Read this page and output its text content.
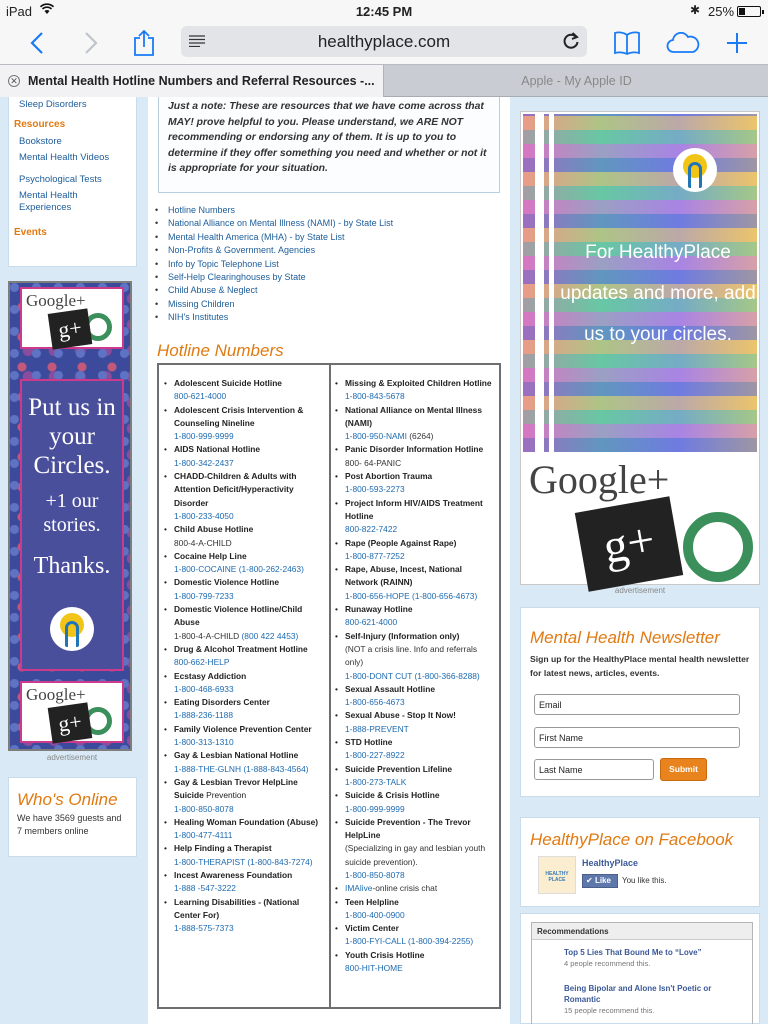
iPad	12:45 PM	✱ 25%
healthyplace.com
✕ Mental Health Hotline Numbers and Referral Resources -...	Apple - My Apple ID
Sleep Disorders
Resources
Bookstore
Mental Health Videos
Psychological Tests
Mental Health Experiences
Events
Google+
g+
Put us in your Circles.
+1 our stories.
Thanks.
Google+
g+
advertisement
Who's Online
We have 3569 guests and 7 members online
Just a note: These are resources that we have come across that MAY! prove helpful to you. Please understand, we ARE NOT recommending or endorsing any of them. It is up to you to determine if they offer something you need and whether or not it is appropriate for your situation.
• Hotline Numbers
• National Alliance on Mental Illness (NAMI) - by State List
• Mental Health America (MHA) - by State List
• Non-Profits & Government. Agencies
• Info by Topic Telephone List
• Self-Help Clearinghouses by State
• Child Abuse & Neglect
• Missing Children
• NIH's Institutes
Hotline Numbers
• Adolescent Suicide Hotline
800-621-4000
• Adolescent Crisis Intervention & Counseling Nineline
1-800-999-9999
• AIDS National Hotline
1-800-342-2437
• CHADD-Children & Adults with Attention Deficit/Hyperactivity Disorder
1-800-233-4050
• Child Abuse Hotline
800-4-A-CHILD
• Cocaine Help Line
1-800-COCAINE (1-800-262-2463)
• Domestic Violence Hotline
1-800-799-7233
• Domestic Violence Hotline/Child Abuse
1-800-4-A-CHILD (800 422 4453)
• Drug & Alcohol Treatment Hotline
800-662-HELP
• Ecstasy Addiction
1-800-468-6933
• Eating Disorders Center
1-888-236-1188
• Family Violence Prevention Center
1-800-313-1310
• Gay & Lesbian National Hotline
1-888-THE-GLNH (1-888-843-4564)
• Gay & Lesbian Trevor HelpLine Suicide Prevention
1-800-850-8078
• Healing Woman Foundation (Abuse)
1-800-477-4111
• Help Finding a Therapist
1-800-THERAPIST (1-800-843-7274)
• Incest Awareness Foundation
1-888 -547-3222
• Learning Disabilities - (National Center For)
1-888-575-7373
• Missing & Exploited Children Hotline
1-800-843-5678
• National Alliance on Mental Illness (NAMI)
1-800-950-NAMI (6264)
• Panic Disorder Information Hotline
800- 64-PANIC
• Post Abortion Trauma
1-800-593-2273
• Project Inform HIV/AIDS Treatment Hotline
800-822-7422
• Rape (People Against Rape)
1-800-877-7252
• Rape, Abuse, Incest, National Network (RAINN)
1-800-656-HOPE (1-800-656-4673)
• Runaway Hotline
800-621-4000
• Self-Injury (Information only)
(NOT a crisis line. Info and referrals only)
1-800-DONT CUT (1-800-366-8288)
• Sexual Assault Hotline
1-800-656-4673
• Sexual Abuse - Stop It Now!
1-888-PREVENT
• STD Hotline
1-800-227-8922
• Suicide Prevention Lifeline
1-800-273-TALK
• Suicide & Crisis Hotline
1-800-999-9999
• Suicide Prevention - The Trevor HelpLine
(Specializing in gay and lesbian youth suicide prevention).
1-800-850-8078
• IMAlive-online crisis chat
• Teen Helpline
1-800-400-0900
• Victim Center
1-800-FYI-CALL (1-800-394-2255)
• Youth Crisis Hotline
800-HIT-HOME
For HealthyPlace updates and more, add us to your circles.
Google+
g+
advertisement
Mental Health Newsletter
Sign up for the HealthyPlace mental health newsletter for latest news, articles, events.
Email
First Name
Last Name
Submit
HealthyPlace on Facebook
HEALTHY PLACE
HealthyPlace
✔ Like	You like this.
Recommendations
Top 5 Lies That Bound Me to “Love”
4 people recommend this.
Being Bipolar and Alone Isn't Poetic or Romantic
15 people recommend this.
